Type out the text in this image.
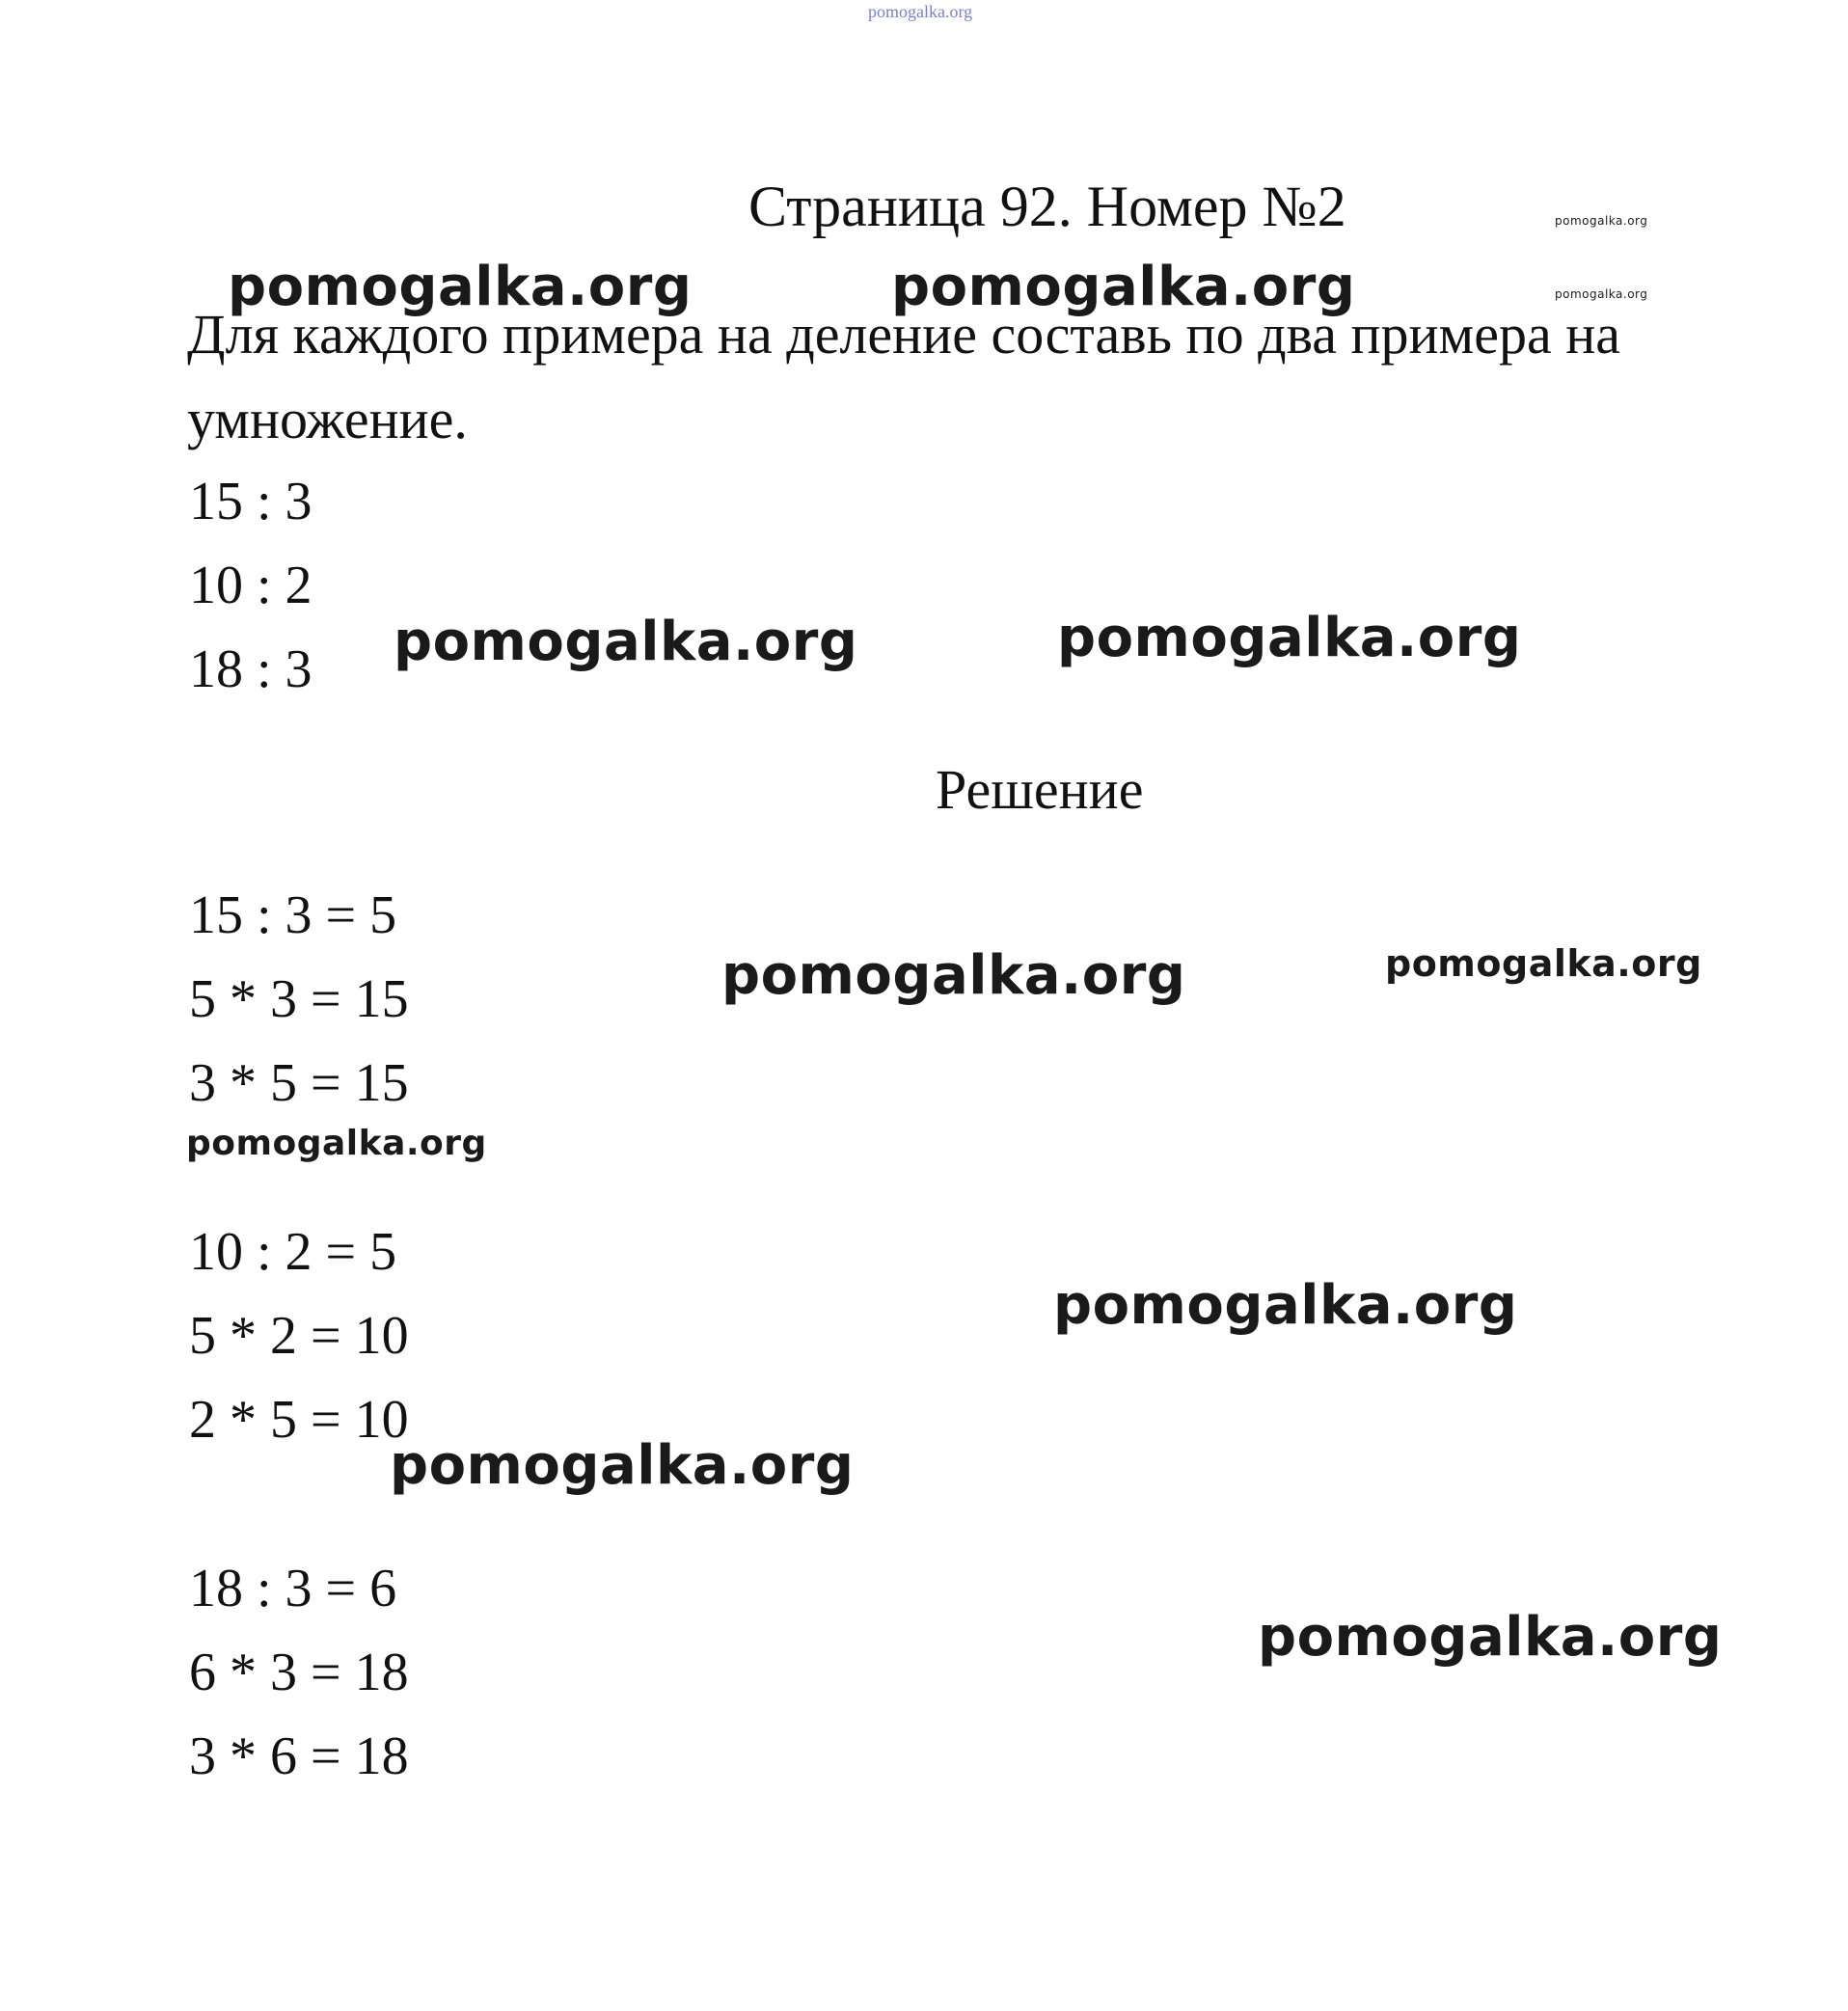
pomogalka.org
Страница 92. Номер №2	pomogalka.org
pomogalka.org	pomogalka.org	pomogalka.org
Для каждого примера на деление составь по два примера на
умножение.
15 : 3
10 : 2
18 : 3 pomogalka.org	pomogalka.org
Решение
15 : 3 = 5
5 * 3 = 15
3 * 5 = 15
pomogalka.org	pomogalka.org
pomogalka.org
10 : 2 = 5
5 * 2 = 10
2 * 5 = 10
pomogalka.org
pomogalka.org
18 : 3 = 6
6 * 3 = 18
3 * 6 = 18
pomogalka.org
